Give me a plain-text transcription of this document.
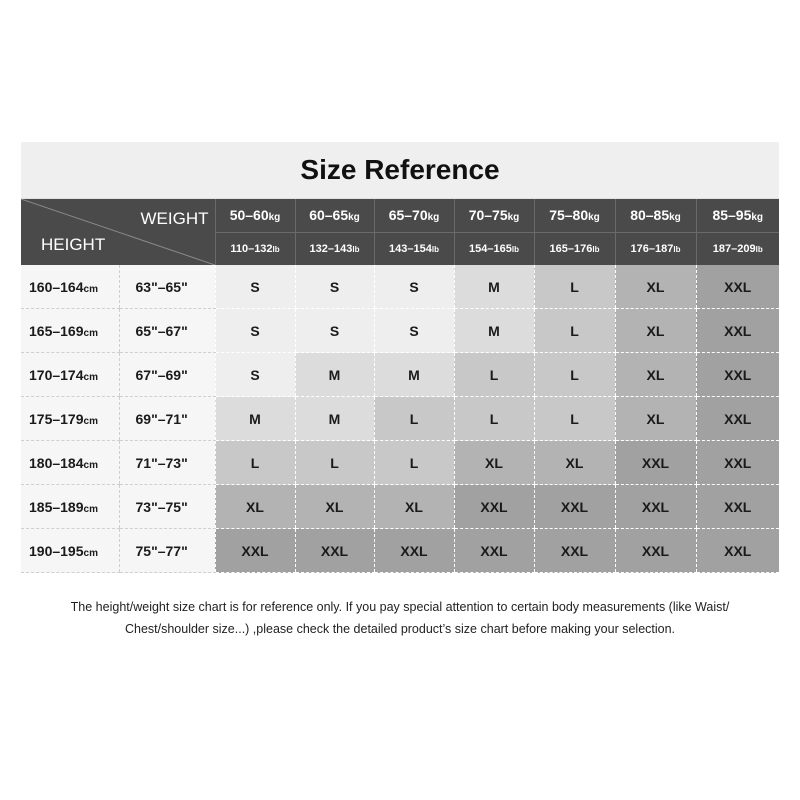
Size Reference
WEIGHT
HEIGHT		50–60kg	60–65kg	65–70kg	70–75kg	75–80kg	80–85kg	85–95kg
		110–132lb	132–143lb	143–154lb	154–165lb	165–176lb	176–187lb	187–209lb
160–164cm	63"–65"	S	S	S	M	L	XL	XXL
165–169cm	65"–67"	S	S	S	M	L	XL	XXL
170–174cm	67"–69"	S	M	M	L	L	XL	XXL
175–179cm	69"–71"	M	M	L	L	L	XL	XXL
180–184cm	71"–73"	L	L	L	XL	XL	XXL	XXL
185–189cm	73"–75"	XL	XL	XL	XXL	XXL	XXL	XXL
190–195cm	75"–77"	XXL	XXL	XXL	XXL	XXL	XXL	XXL
The height/weight size chart is for reference only. If you pay special attention to certain body measurements (like Waist/
Chest/shoulder size...) ,please check the detailed product’s size chart before making your selection.
